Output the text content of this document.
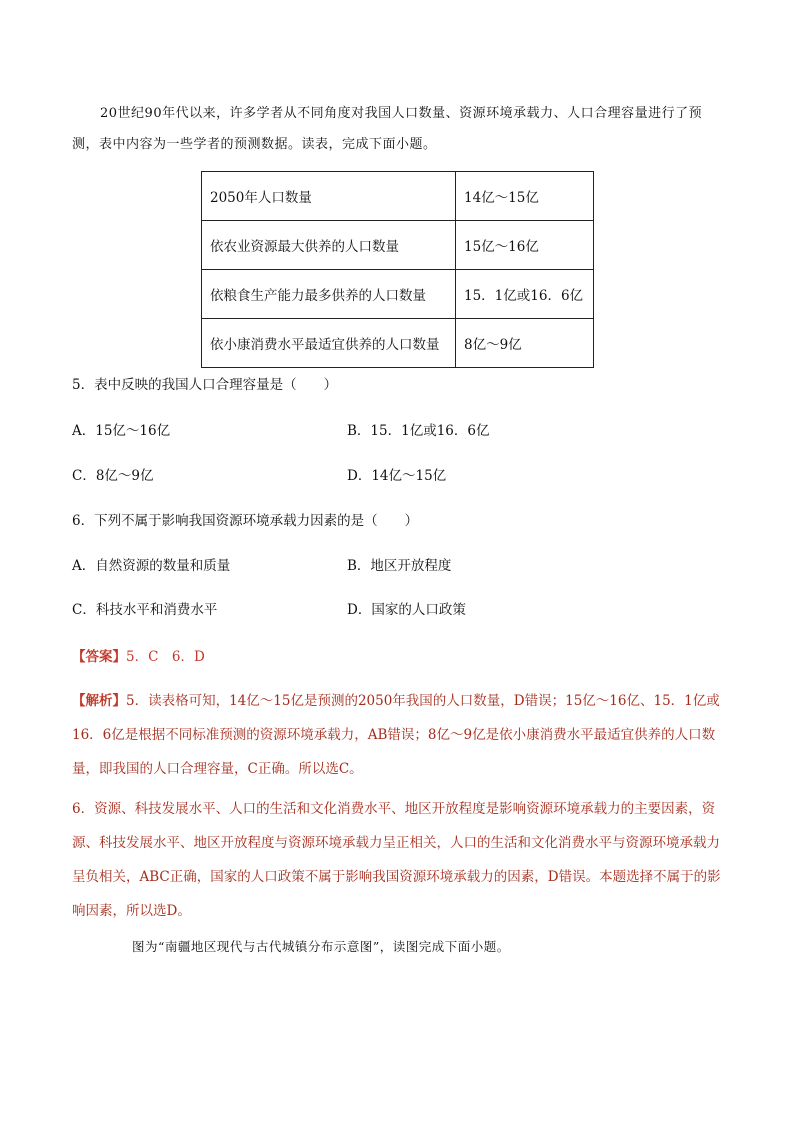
20世纪90年代以来，许多学者从不同角度对我国人口数量、资源环境承载力、人口合理容量进行了预测，表中内容为一些学者的预测数据。读表，完成下面小题。
2050年人口数量	14亿～15亿
依农业资源最大供养的人口数量	15亿～16亿
依粮食生产能力最多供养的人口数量	15．1亿或16．6亿
依小康消费水平最适宜供养的人口数量	8亿～9亿
5．表中反映的我国人口合理容量是（　　）
A．15亿～16亿	B．15．1亿或16．6亿
C．8亿～9亿	D．14亿～15亿
6．下列不属于影响我国资源环境承载力因素的是（　　）
A．自然资源的数量和质量	B．地区开放程度
C．科技水平和消费水平	D．国家的人口政策
【答案】5．C　6．D
【解析】5．读表格可知，14亿～15亿是预测的2050年我国的人口数量，D错误；15亿～16亿、15．1亿或16．6亿是根据不同标准预测的资源环境承载力，AB错误；8亿～9亿是依小康消费水平最适宜供养的人口数量，即我国的人口合理容量，C正确。所以选C。
6．资源、科技发展水平、人口的生活和文化消费水平、地区开放程度是影响资源环境承载力的主要因素，资源、科技发展水平、地区开放程度与资源环境承载力呈正相关，人口的生活和文化消费水平与资源环境承载力呈负相关，ABC正确，国家的人口政策不属于影响我国资源环境承载力的因素，D错误。本题选择不属于的影响因素，所以选D。
图为“南疆地区现代与古代城镇分布示意图”，读图完成下面小题。
